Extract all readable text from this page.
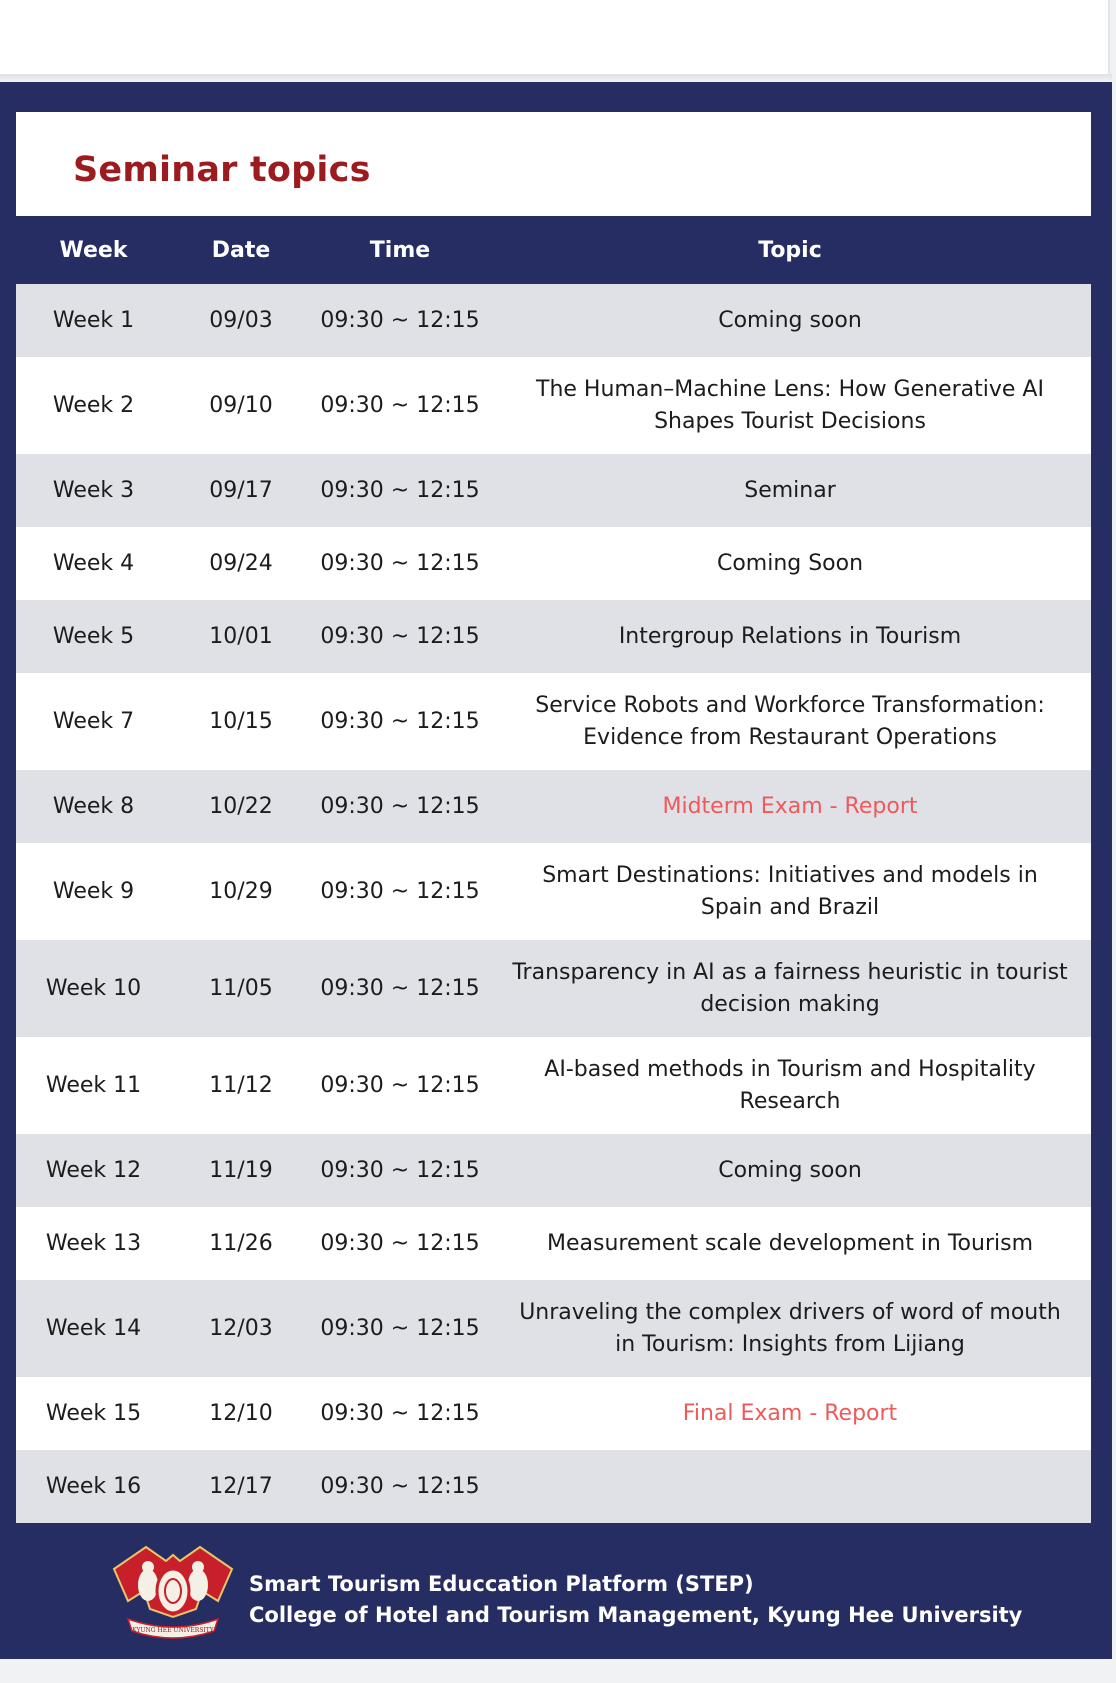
Seminar topics
Week	Date	Time	Topic
Week 1	09/03	09:30 ~ 12:15	Coming soon
Week 2	09/10	09:30 ~ 12:15	The Human–Machine Lens: How Generative AI Shapes Tourist Decisions
Week 3	09/17	09:30 ~ 12:15	Seminar
Week 4	09/24	09:30 ~ 12:15	Coming Soon
Week 5	10/01	09:30 ~ 12:15	Intergroup Relations in Tourism
Week 7	10/15	09:30 ~ 12:15	Service Robots and Workforce Transformation: Evidence from Restaurant Operations
Week 8	10/22	09:30 ~ 12:15	Midterm Exam - Report
Week 9	10/29	09:30 ~ 12:15	Smart Destinations: Initiatives and models in Spain and Brazil
Week 10	11/05	09:30 ~ 12:15	Transparency in AI as a fairness heuristic in tourist decision making
Week 11	11/12	09:30 ~ 12:15	AI-based methods in Tourism and Hospitality Research
Week 12	11/19	09:30 ~ 12:15	Coming soon
Week 13	11/26	09:30 ~ 12:15	Measurement scale development in Tourism
Week 14	12/03	09:30 ~ 12:15	Unraveling the complex drivers of word of mouth in Tourism: Insights from Lijiang
Week 15	12/10	09:30 ~ 12:15	Final Exam - Report
Week 16	12/17	09:30 ~ 12:15	
KYUNG HEE UNIVERSITY
Smart Tourism Educcation Platform (STEP)
College of Hotel and Tourism Management, Kyung Hee University
